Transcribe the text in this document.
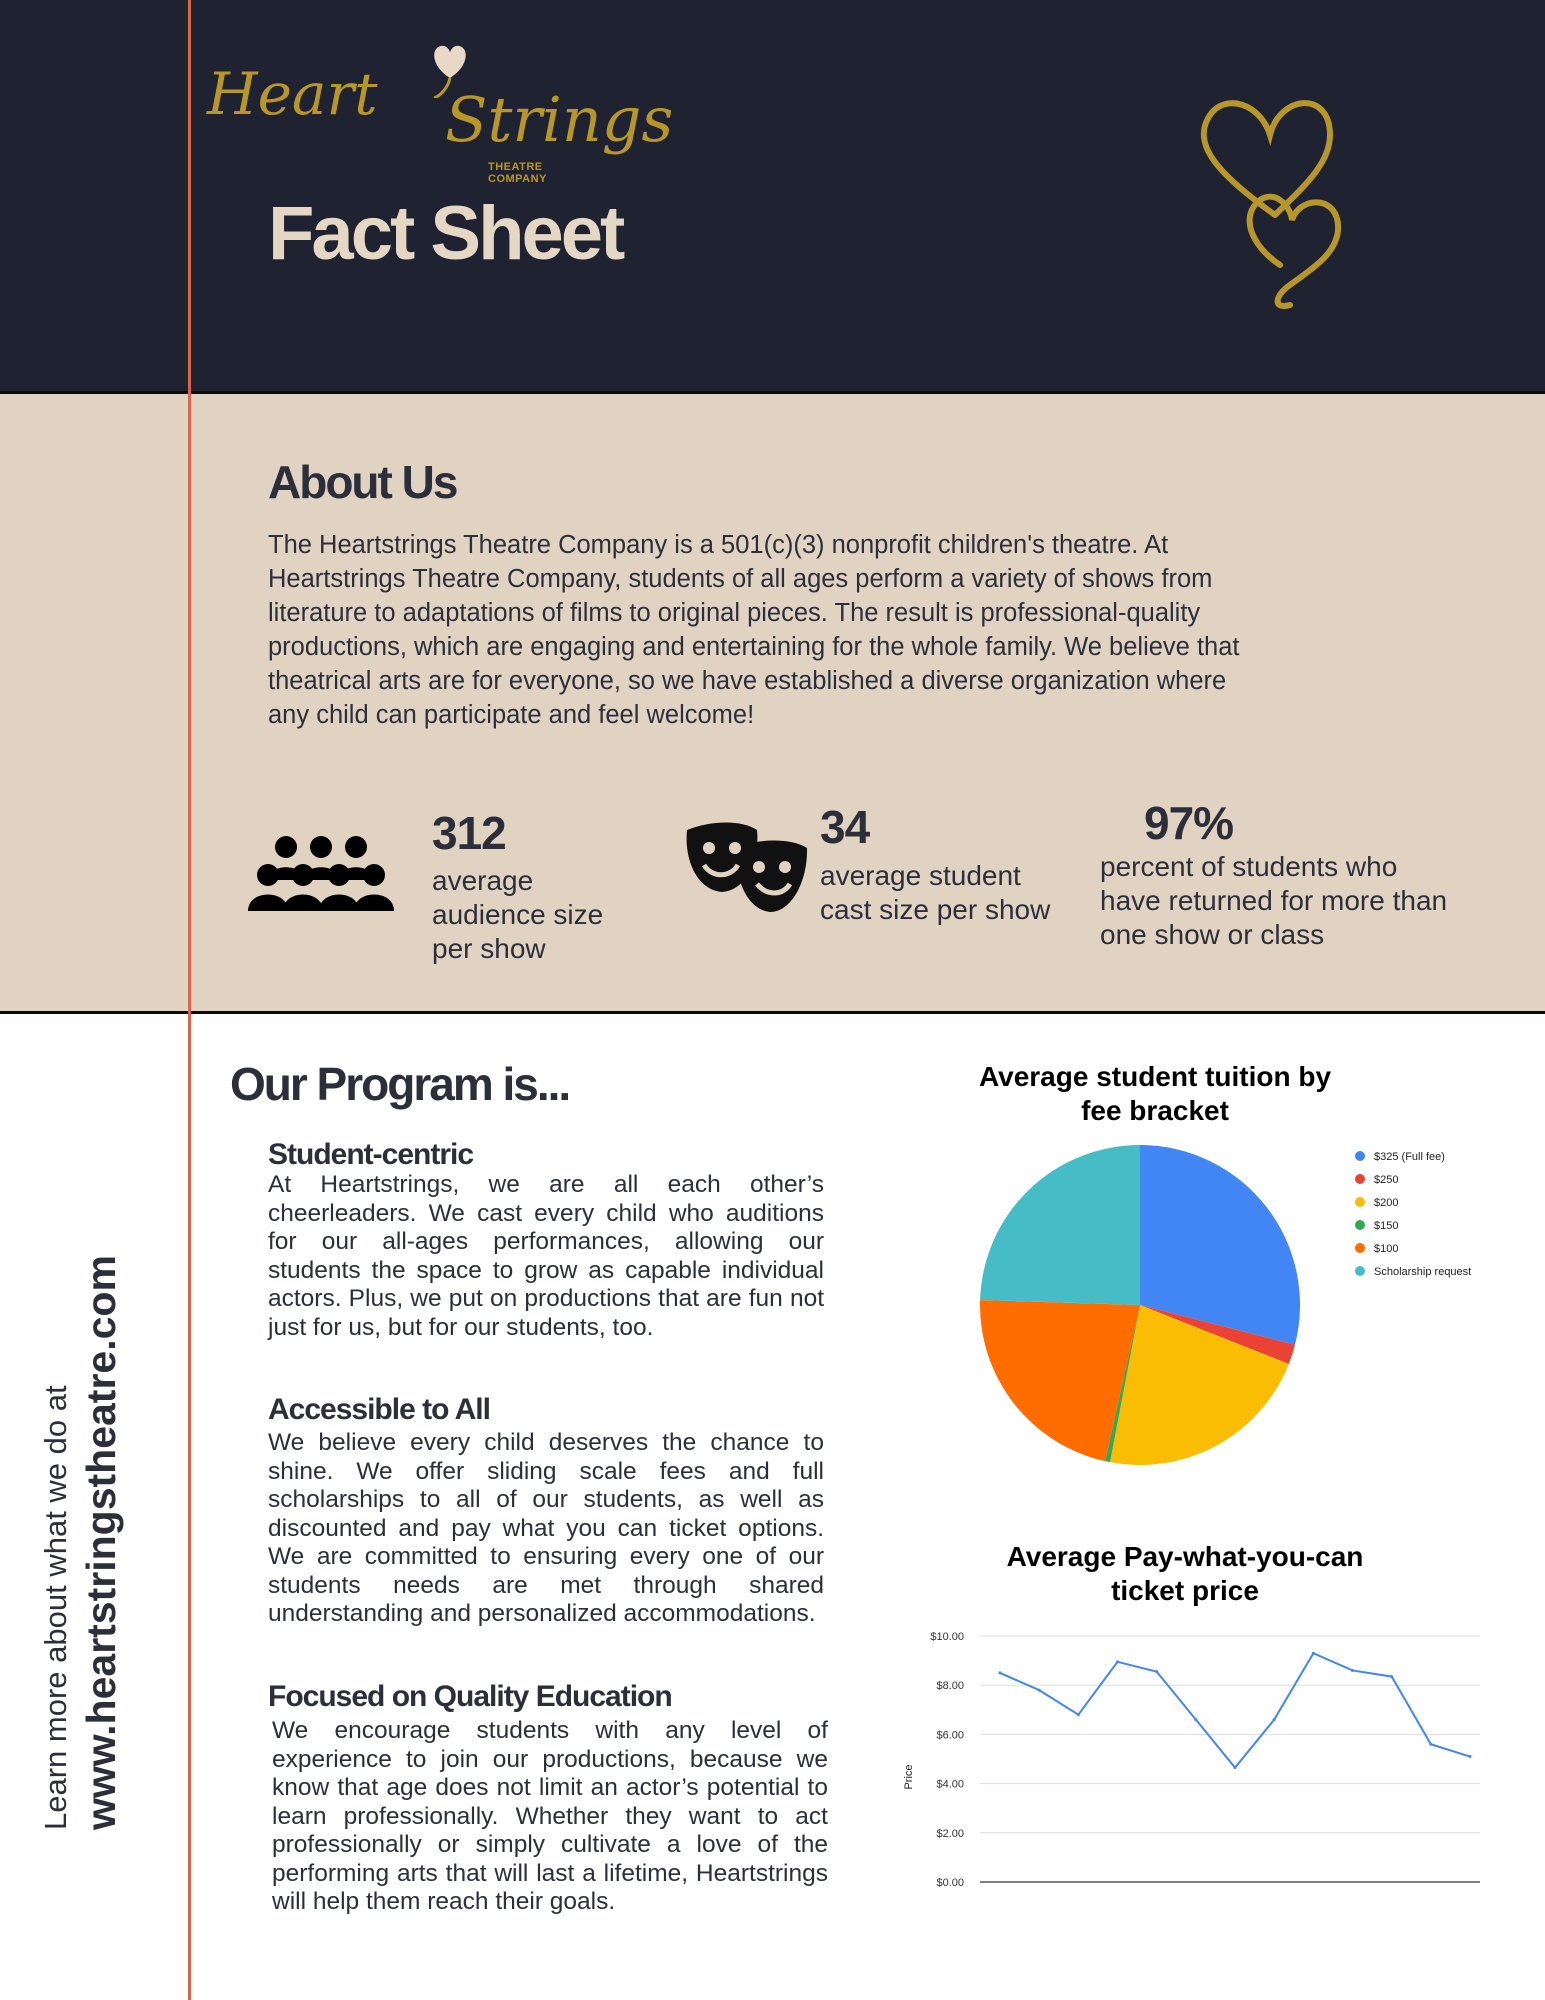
Heart Strings
THEATRE COMPANY
Fact Sheet
About Us
The Heartstrings Theatre Company is a 501(c)(3) nonprofit children's theatre. At Heartstrings Theatre Company, students of all ages perform a variety of shows from literature to adaptations of films to original pieces. The result is professional-quality productions, which are engaging and entertaining for the whole family. We believe that theatrical arts are for everyone, so we have established a diverse organization where any child can participate and feel welcome!
312
average audience size per show
34
average student cast size per show
97%
percent of students who have returned for more than one show or class
Learn more about what we do at www.heartstringstheatre.com
Our Program is...
Student-centric
At Heartstrings, we are all each other’s cheerleaders. We cast every child who auditions for our all-ages performances, allowing our students the space to grow as capable individual actors. Plus, we put on productions that are fun not just for us, but for our students, too.
Accessible to All
We believe every child deserves the chance to shine. We offer sliding scale fees and full scholarships to all of our students, as well as discounted and pay what you can ticket options. We are committed to ensuring every one of our students needs are met through shared understanding and personalized accommodations.
Focused on Quality Education
We encourage students with any level of experience to join our productions, because we know that age does not limit an actor’s potential to learn professionally. Whether they want to act professionally or simply cultivate a love of the performing arts that will last a lifetime, Heartstrings will help them reach their goals.
Average student tuition by fee bracket
$325 (Full fee)
$250
$200
$150
$100
Scholarship request
Average Pay-what-you-can ticket price
$0.00
$2.00
$4.00
$6.00
$8.00
$10.00
Price
